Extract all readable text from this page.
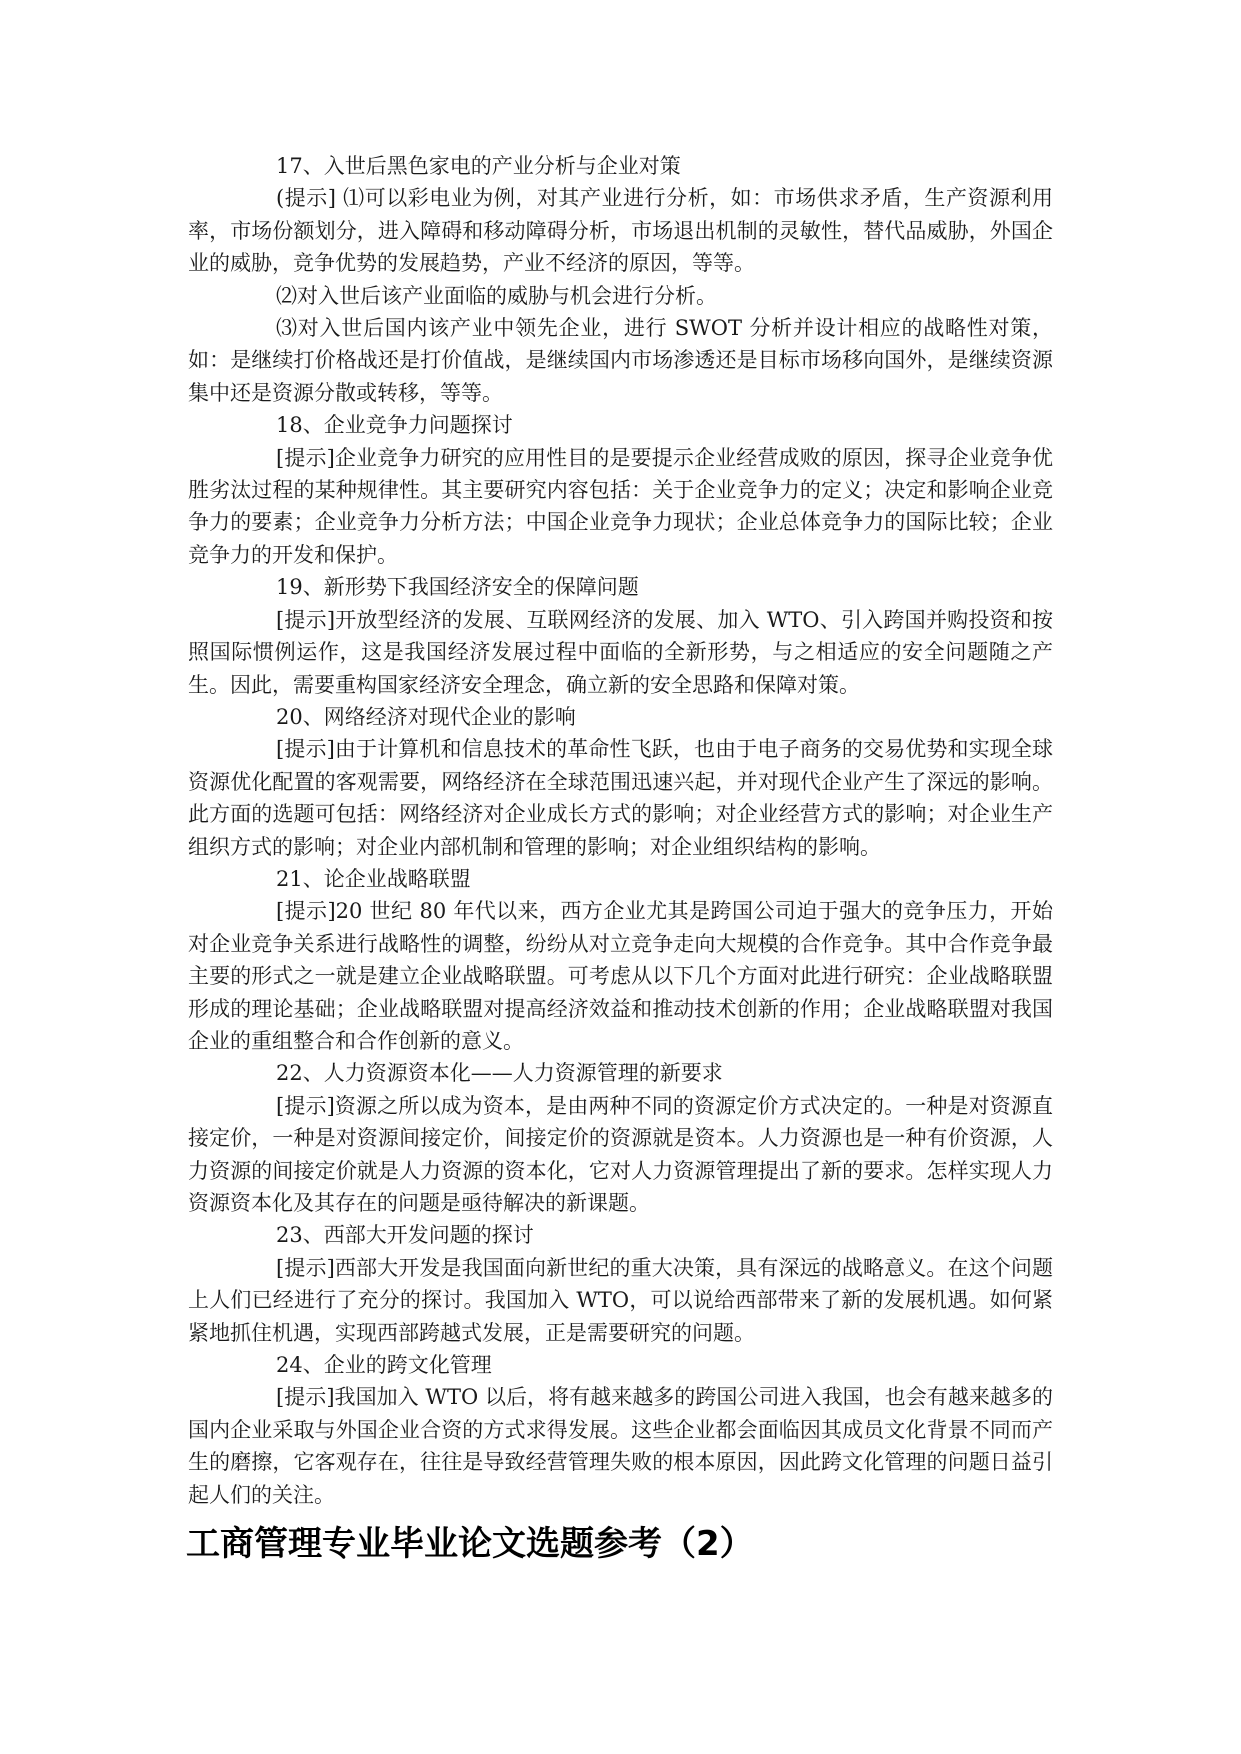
17、入世后黑色家电的产业分析与企业对策

(提示] ⑴可以彩电业为例，对其产业进行分析，如：市场供求矛盾，生产资源利用率，市场份额划分，进入障碍和移动障碍分析，市场退出机制的灵敏性，替代品威胁，外国企业的威胁，竞争优势的发展趋势，产业不经济的原因，等等。

⑵对入世后该产业面临的威胁与机会进行分析。

⑶对入世后国内该产业中领先企业，进行 SWOT 分析并设计相应的战略性对策，如：是继续打价格战还是打价值战，是继续国内市场渗透还是目标市场移向国外，是继续资源集中还是资源分散或转移，等等。

18、企业竞争力问题探讨

[提示]企业竞争力研究的应用性目的是要提示企业经营成败的原因，探寻企业竞争优胜劣汰过程的某种规律性。其主要研究内容包括：关于企业竞争力的定义；决定和影响企业竞争力的要素；企业竞争力分析方法；中国企业竞争力现状；企业总体竞争力的国际比较；企业竞争力的开发和保护。

19、新形势下我国经济安全的保障问题

[提示]开放型经济的发展、互联网经济的发展、加入 WTO、引入跨国并购投资和按照国际惯例运作，这是我国经济发展过程中面临的全新形势，与之相适应的安全问题随之产生。因此，需要重构国家经济安全理念，确立新的安全思路和保障对策。

20、网络经济对现代企业的影响

[提示]由于计算机和信息技术的革命性飞跃，也由于电子商务的交易优势和实现全球资源优化配置的客观需要，网络经济在全球范围迅速兴起，并对现代企业产生了深远的影响。此方面的选题可包括：网络经济对企业成长方式的影响；对企业经营方式的影响；对企业生产组织方式的影响；对企业内部机制和管理的影响；对企业组织结构的影响。

21、论企业战略联盟

[提示]20 世纪 80 年代以来，西方企业尤其是跨国公司迫于强大的竞争压力，开始对企业竞争关系进行战略性的调整，纷纷从对立竞争走向大规模的合作竞争。其中合作竞争最主要的形式之一就是建立企业战略联盟。可考虑从以下几个方面对此进行研究：企业战略联盟形成的理论基础；企业战略联盟对提高经济效益和推动技术创新的作用；企业战略联盟对我国企业的重组整合和合作创新的意义。

22、人力资源资本化——人力资源管理的新要求

[提示]资源之所以成为资本，是由两种不同的资源定价方式决定的。一种是对资源直接定价，一种是对资源间接定价，间接定价的资源就是资本。人力资源也是一种有价资源，人力资源的间接定价就是人力资源的资本化，它对人力资源管理提出了新的要求。怎样实现人力资源资本化及其存在的问题是亟待解决的新课题。

23、西部大开发问题的探讨

[提示]西部大开发是我国面向新世纪的重大决策，具有深远的战略意义。在这个问题上人们已经进行了充分的探讨。我国加入 WTO，可以说给西部带来了新的发展机遇。如何紧紧地抓住机遇，实现西部跨越式发展，正是需要研究的问题。

24、企业的跨文化管理

[提示]我国加入 WTO 以后，将有越来越多的跨国公司进入我国，也会有越来越多的国内企业采取与外国企业合资的方式求得发展。这些企业都会面临因其成员文化背景不同而产生的磨擦，它客观存在，往往是导致经营管理失败的根本原因，因此跨文化管理的问题日益引起人们的关注。

工商管理专业毕业论文选题参考（2）
